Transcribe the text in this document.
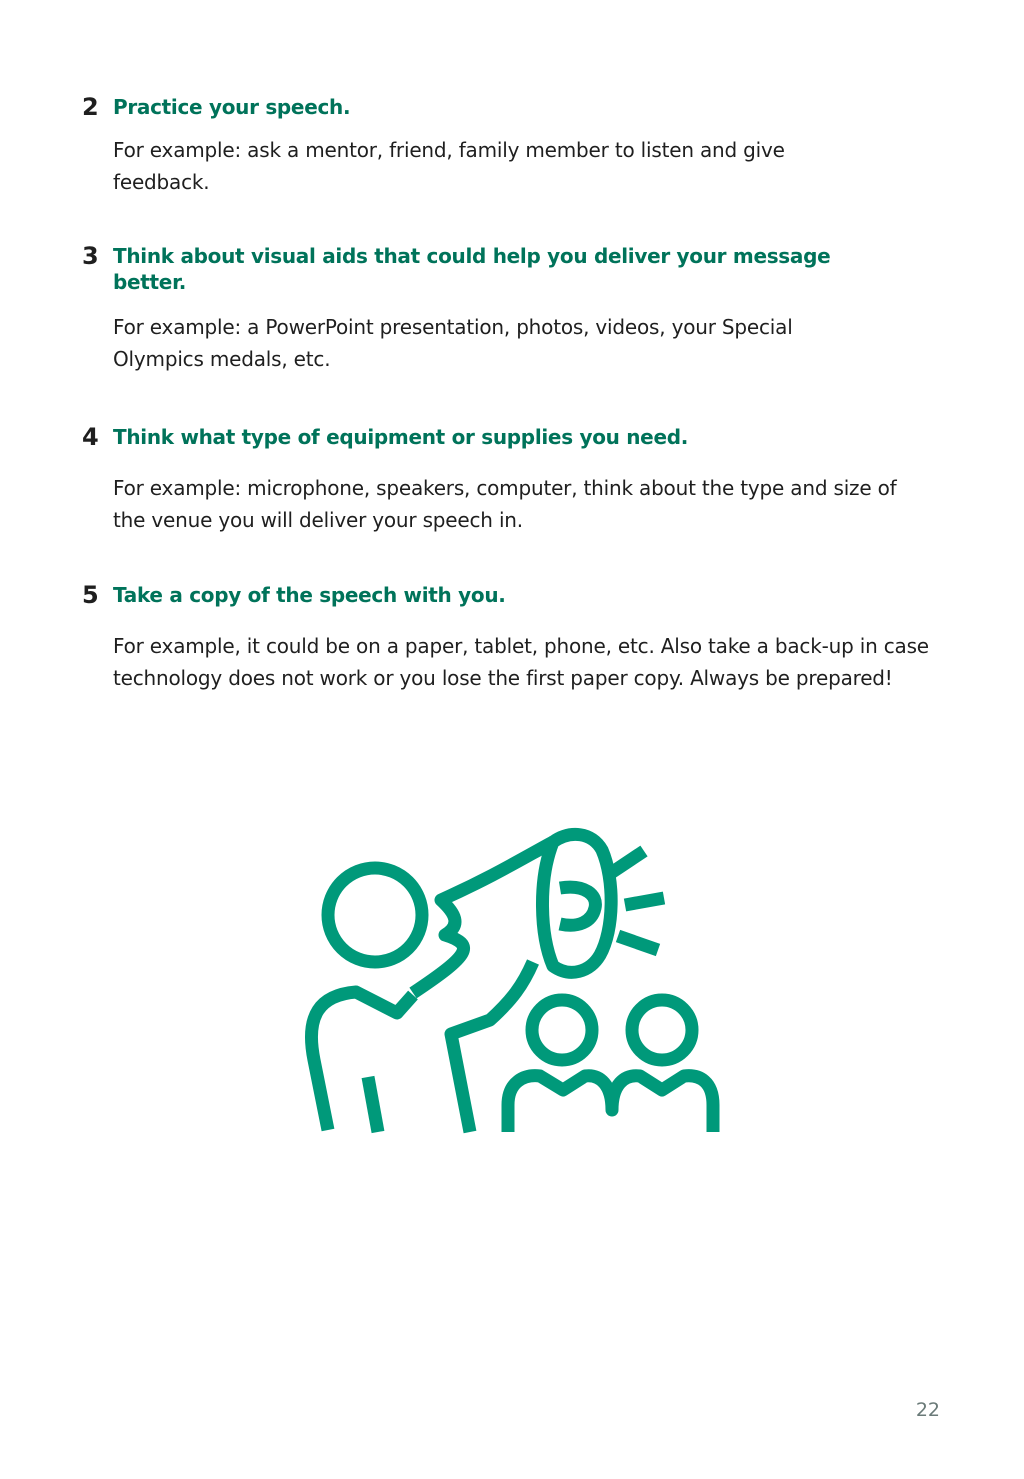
2 Practice your speech.
For example: ask a mentor, friend, family member to listen and give feedback.
3 Think about visual aids that could help you deliver your message better.
For example: a PowerPoint presentation, photos, videos, your Special Olympics medals, etc.
4 Think what type of equipment or supplies you need.
For example: microphone, speakers, computer, think about the type and size of the venue you will deliver your speech in.
5 Take a copy of the speech with you.
For example, it could be on a paper, tablet, phone, etc. Also take a back-up in case technology does not work or you lose the first paper copy. Always be prepared!
22
